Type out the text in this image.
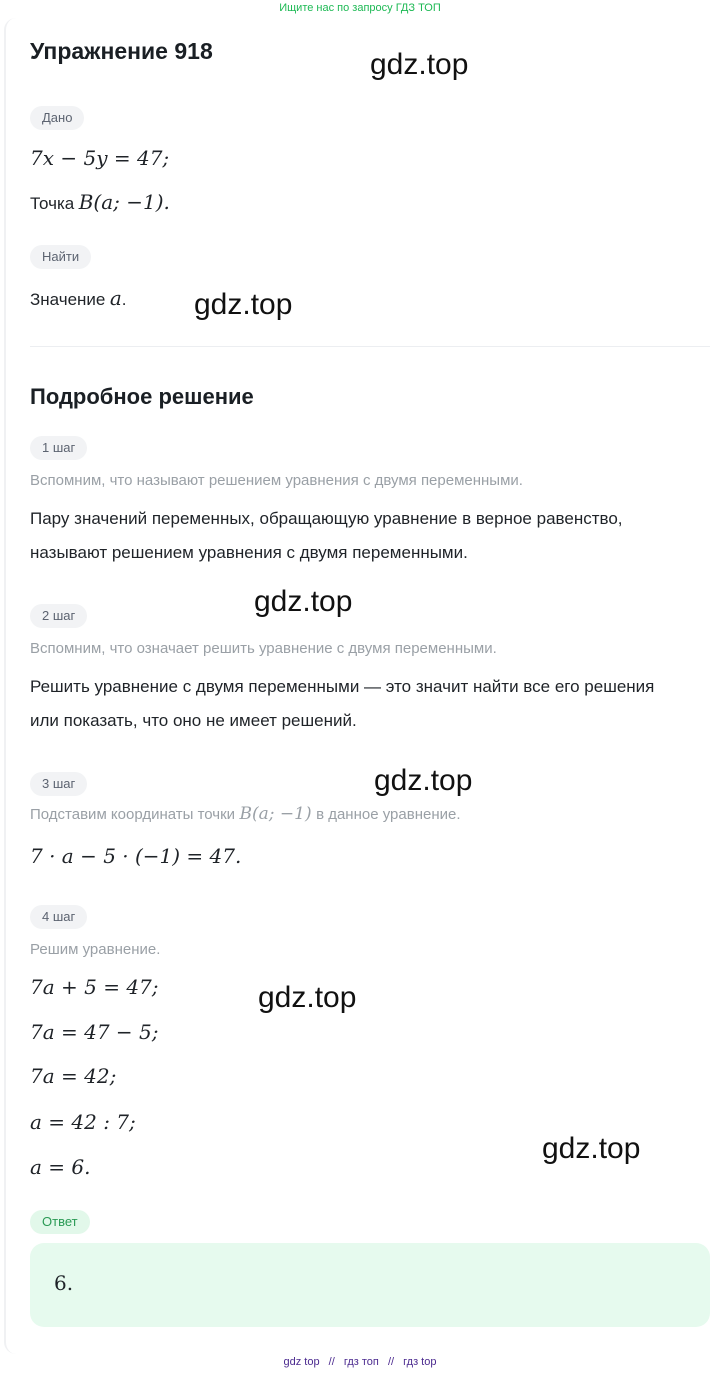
Ищите нас по запросу ГДЗ ТОП
Упражнение 918
Дано
7x − 5y = 47;
Точка B(a; −1).
Найти
Значение a.
Подробное решение
1 шаг
Вспомним, что называют решением уравнения с двумя переменными.
Пару значений переменных, обращающую уравнение в верное равенство,
называют решением уравнения с двумя переменными.
2 шаг
Вспомним, что означает решить уравнение с двумя переменными.
Решить уравнение с двумя переменными — это значит найти все его решения
или показать, что оно не имеет решений.
3 шаг
Подставим координаты точки B(a; −1) в данное уравнение.
7 · a − 5 · (−1) = 47.
4 шаг
Решим уравнение.
7a + 5 = 47;
7a = 47 − 5;
7a = 42;
a = 42 : 7;
a = 6.
Ответ
6.
gdz.top
gdz.top
gdz.top
gdz.top
gdz.top
gdz.top
gdz top // гдз топ // гдз top
